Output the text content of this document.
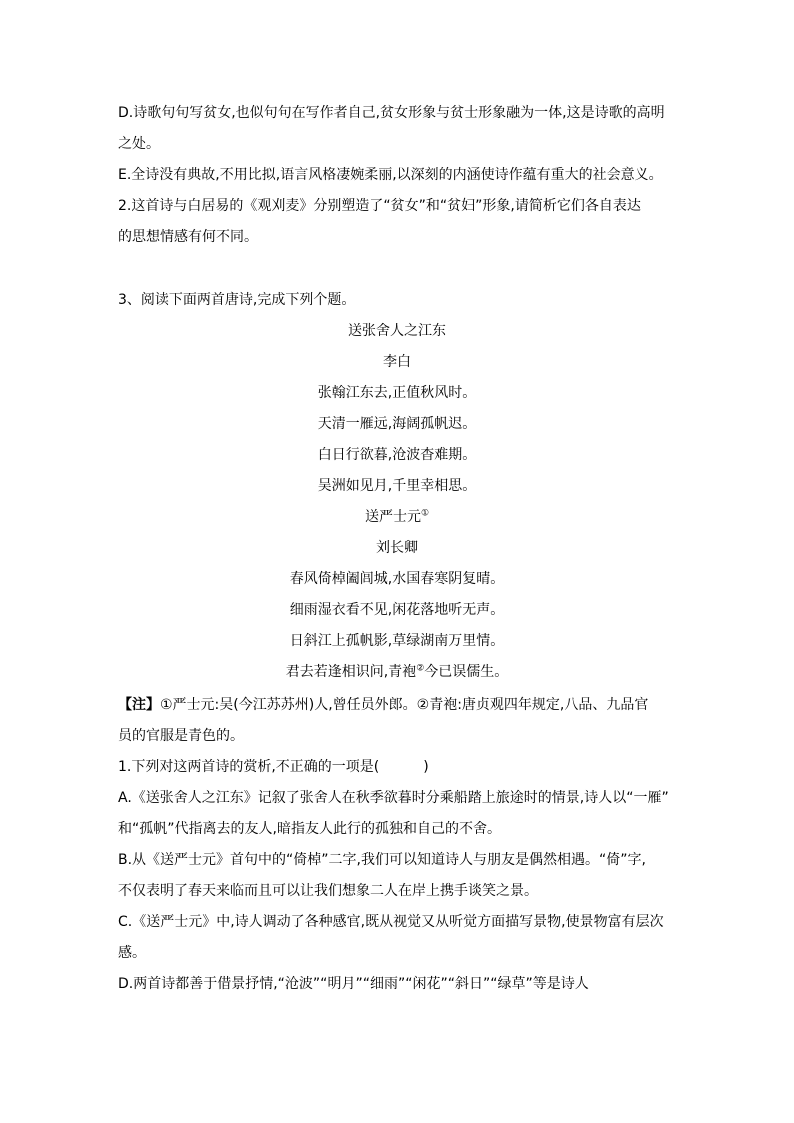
D.诗歌句句写贫女,也似句句在写作者自己,贫女形象与贫士形象融为一体,这是诗歌的高明
之处。
E.全诗没有典故,不用比拟,语言风格凄婉柔丽,以深刻的内涵使诗作蕴有重大的社会意义。
2.这首诗与白居易的《观刈麦》分别塑造了“贫女”和“贫妇”形象,请简析它们各自表达
的思想情感有何不同。
3、阅读下面两首唐诗,完成下列个题。
送张舍人之江东
李白
张翰江东去,正值秋风时。
天清一雁远,海阔孤帆迟。
白日行欲暮,沧波杳难期。
吴洲如见月,千里幸相思。
送严士元①
刘长卿
春风倚棹阖闾城,水国春寒阴复晴。
细雨湿衣看不见,闲花落地听无声。
日斜江上孤帆影,草绿湖南万里情。
君去若逢相识问,青袍②今已误儒生。
【注】①严士元:吴(今江苏苏州)人,曾任员外郎。②青袍:唐贞观四年规定,八品、九品官
员的官服是青色的。
1.下列对这两首诗的赏析,不正确的一项是(	)
A.《送张舍人之江东》记叙了张舍人在秋季欲暮时分乘船踏上旅途时的情景,诗人以“一雁”
和“孤帆”代指离去的友人,暗指友人此行的孤独和自己的不舍。
B.从《送严士元》首句中的“倚棹”二字,我们可以知道诗人与朋友是偶然相遇。“倚”字,
不仅表明了春天来临而且可以让我们想象二人在岸上携手谈笑之景。
C.《送严士元》中,诗人调动了各种感官,既从视觉又从听觉方面描写景物,使景物富有层次
感。
D.两首诗都善于借景抒情,“沧波”“明月”“细雨”“闲花”“斜日”“绿草”等是诗人
